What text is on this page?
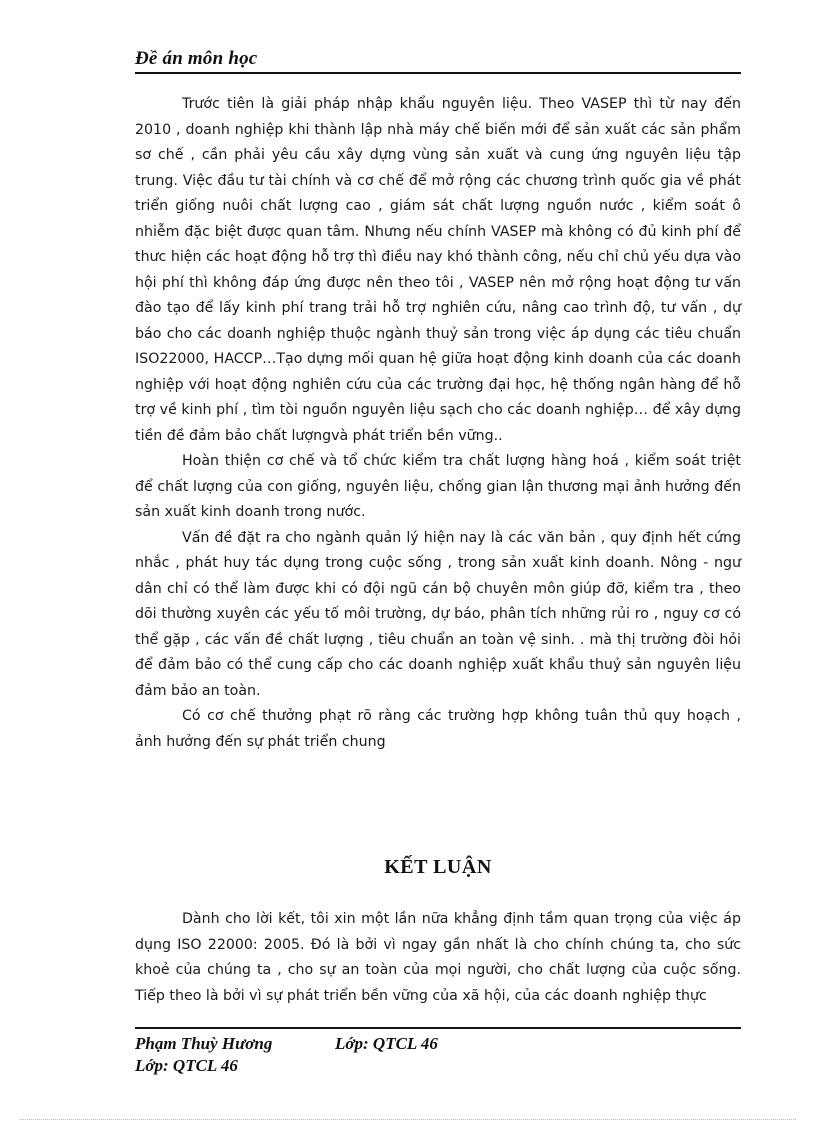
Đề án môn học

Trước tiên là giải pháp nhập khẩu nguyên liệu. Theo VASEP thì từ nay đến 2010 , doanh nghiệp khi thành lập nhà máy chế biến mới để sản xuất các sản phẩm sơ chế , cần phải yêu cầu xây dựng vùng sản xuất và cung ứng nguyên liệu tập trung. Việc đầu tư tài chính và cơ chế để mở rộng các chương trình quốc gia về phát triển giống nuôi chất lượng cao , giám sát chất lượng nguồn nước , kiểm soát ô nhiễm đặc biệt được quan tâm. Nhưng nếu chính VASEP mà không có đủ kinh phí để thưc hiện các hoạt động hỗ trợ thì điều nay khó thành công, nếu chỉ chủ yếu dựa vào hội phí thì không đáp ứng được nên theo tôi , VASEP nên mở rộng hoạt động tư vấn đào tạo để lấy kinh phí trang trải hỗ trợ nghiên cứu, nâng cao trình độ, tư vấn , dự báo cho các doanh nghiệp thuộc ngành thuỷ sản trong việc áp dụng các tiêu chuẩn ISO22000, HACCP…Tạo dựng mối quan hệ giữa hoạt động kinh doanh của các doanh nghiệp với hoạt động nghiên cứu của các trường đại học, hệ thống ngân hàng để hỗ trợ về kinh phí , tìm tòi nguồn nguyên liệu sạch cho các doanh nghiệp… để xây dựng tiền đề đảm bảo chất lượngvà phát triển bền vững..

Hoàn thiện cơ chế và tổ chức kiểm tra chất lượng hàng hoá , kiểm soát triệt để chất lượng của con giống, nguyên liệu, chống gian lận thương mại ảnh hưởng đến sản xuất kinh doanh trong nước.

Vấn đề đặt ra cho ngành quản lý hiện nay là các văn bản , quy định hết cứng nhắc , phát huy tác dụng trong cuộc sống , trong sản xuất kinh doanh. Nông - ngư dân chỉ có thể làm được khi có đội ngũ cán bộ chuyên môn giúp đỡ, kiểm tra , theo dõi thường xuyên các yếu tố môi trường, dự báo, phân tích những rủi ro , nguy cơ có thể gặp , các vấn đề chất lượng , tiêu chuẩn an toàn vệ sinh. . mà thị trường đòi hỏi để đảm bảo có thể cung cấp cho các doanh nghiệp xuất khẩu thuỷ sản nguyên liệu đảm bảo an toàn.

Có cơ chế thưởng phạt rõ ràng các trường hợp không tuân thủ quy hoạch , ảnh hưởng đến sự phát triển chung

KẾT LUẬN

Dành cho lời kết, tôi xin một lần nữa khẳng định tầm quan trọng của việc áp dụng ISO 22000: 2005. Đó là bởi vì ngay gần nhất là cho chính chúng ta, cho sức khoẻ của chúng ta , cho sự an toàn của mọi người, cho chất lượng của cuộc sống. Tiếp theo là bởi vì sự phát triển bền vững của xã hội, của các doanh nghiệp thực

Phạm Thuỳ Hương	Lớp: QTCL 46
Lớp: QTCL 46
